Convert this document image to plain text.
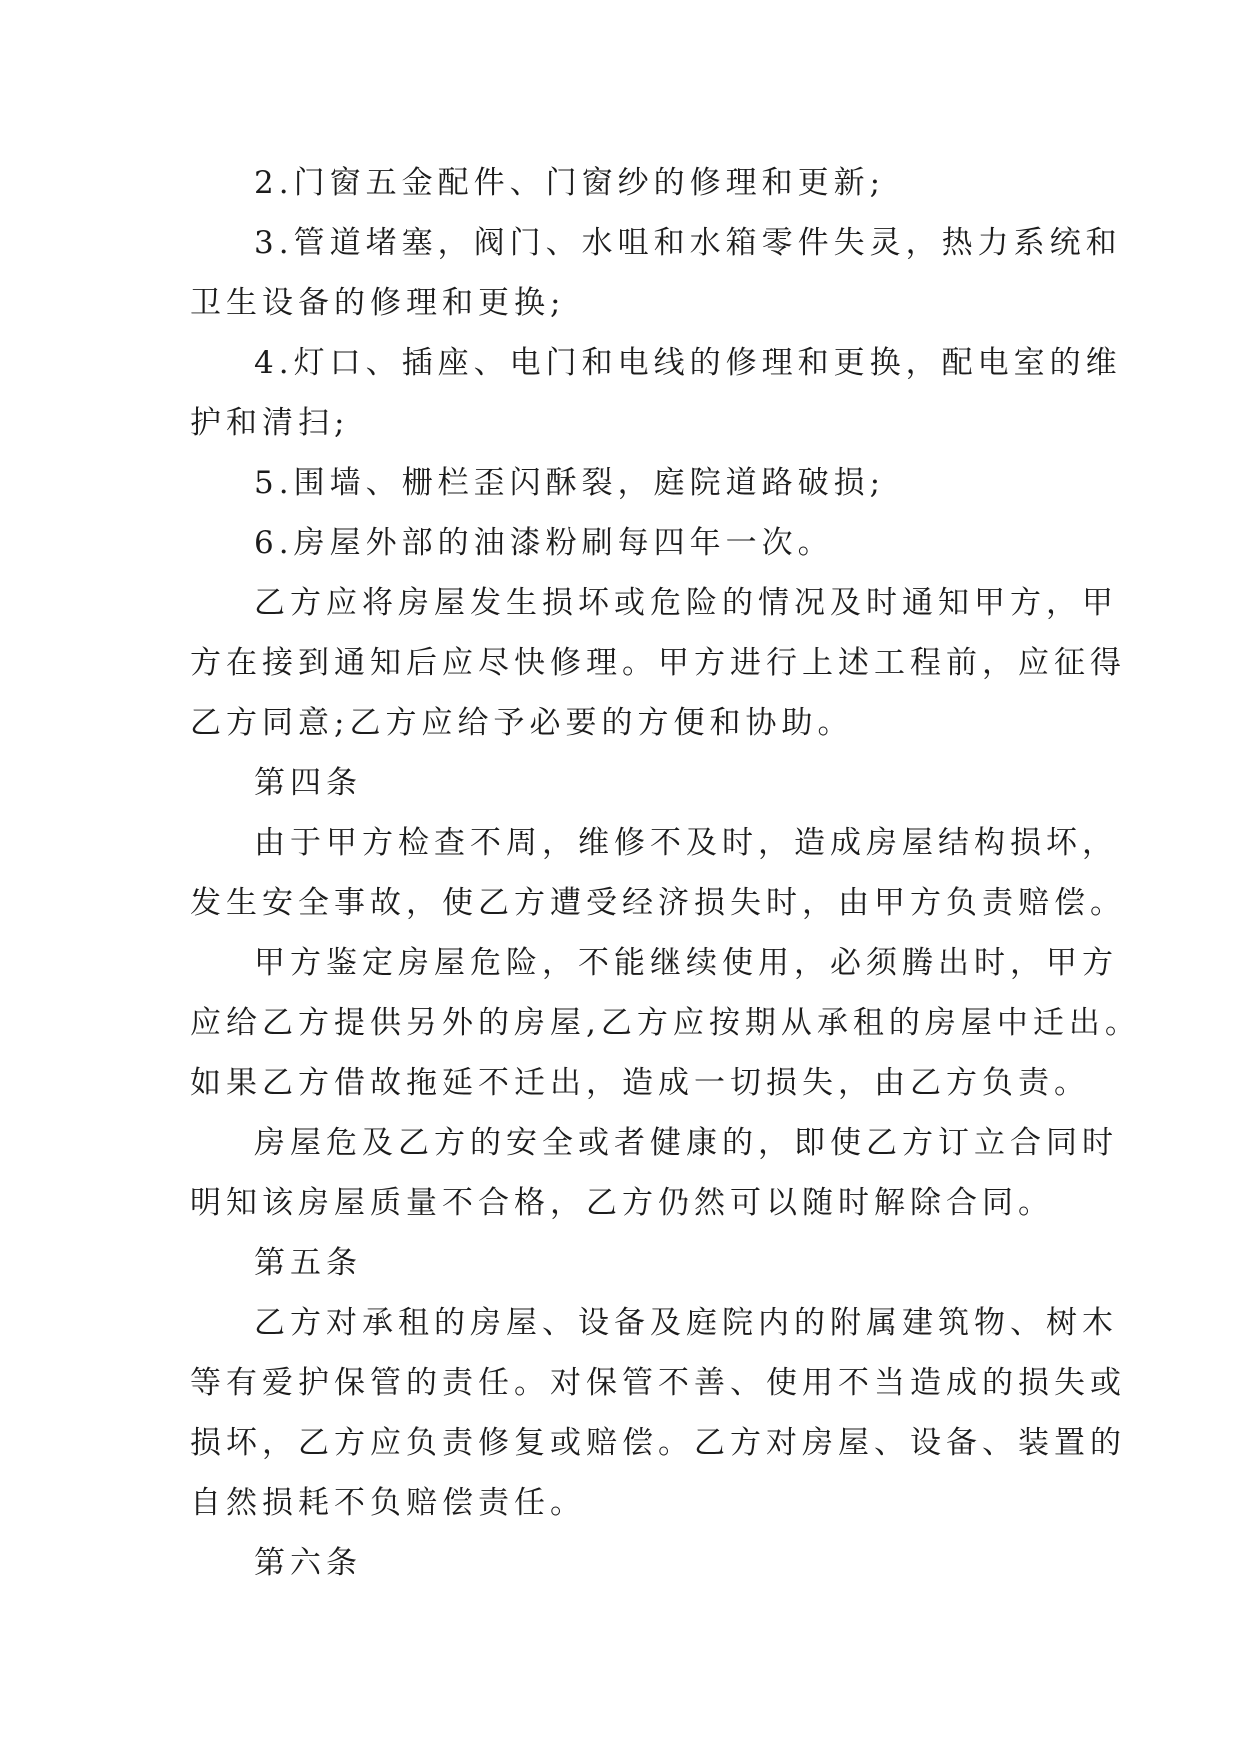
2.门窗五金配件、门窗纱的修理和更新;
3.管道堵塞，阀门、水咀和水箱零件失灵，热力系统和
卫生设备的修理和更换;
4.灯口、插座、电门和电线的修理和更换，配电室的维
护和清扫;
5.围墙、栅栏歪闪酥裂，庭院道路破损;
6.房屋外部的油漆粉刷每四年一次。
乙方应将房屋发生损坏或危险的情况及时通知甲方，甲
方在接到通知后应尽快修理。甲方进行上述工程前，应征得
乙方同意;乙方应给予必要的方便和协助。
第四条
由于甲方检查不周，维修不及时，造成房屋结构损坏，
发生安全事故，使乙方遭受经济损失时，由甲方负责赔偿。
甲方鉴定房屋危险，不能继续使用，必须腾出时，甲方
应给乙方提供另外的房屋,乙方应按期从承租的房屋中迁出。
如果乙方借故拖延不迁出，造成一切损失，由乙方负责。
房屋危及乙方的安全或者健康的，即使乙方订立合同时
明知该房屋质量不合格，乙方仍然可以随时解除合同。
第五条
乙方对承租的房屋、设备及庭院内的附属建筑物、树木
等有爱护保管的责任。对保管不善、使用不当造成的损失或
损坏，乙方应负责修复或赔偿。乙方对房屋、设备、装置的
自然损耗不负赔偿责任。
第六条
